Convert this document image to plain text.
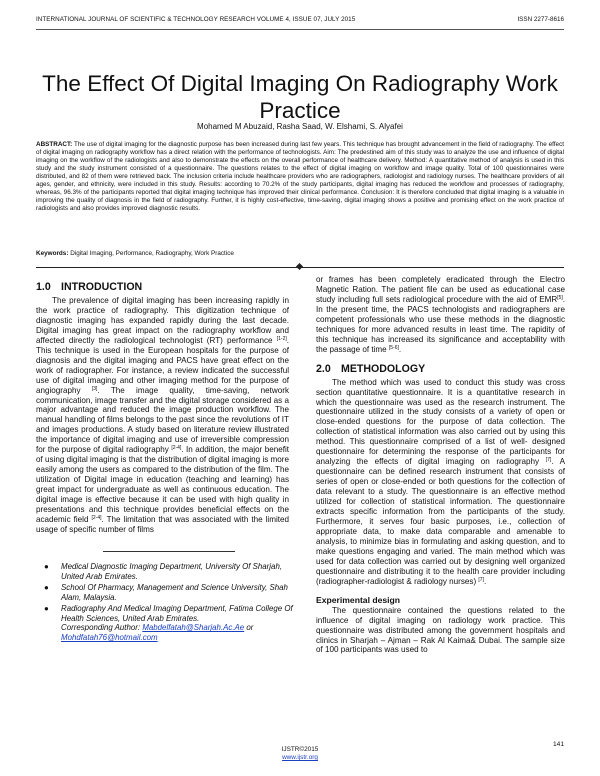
INTERNATIONAL JOURNAL OF SCIENTIFIC & TECHNOLOGY RESEARCH VOLUME 4, ISSUE 07, JULY 2015	ISSN 2277-8616
The Effect Of Digital Imaging On Radiography Work Practice
Mohamed M Abuzaid, Rasha Saad, W. Elshami, S. Alyafei
ABSTRACT: The use of digital imaging for the diagnostic purpose has been increased during last few years. This technique has brought advancement in the field of radiography. The effect of digital imaging on radiography workflow has a direct relation with the performance of technologists. Aim: The predestined aim of this study was to analyze the use and influence of digital imaging on the workflow of the radiologists and also to demonstrate the effects on the overall performance of healthcare delivery. Method: A quantitative method of analysis is used in this study and the study instrument consisted of a questionnaire. The questions relates to the effect of digital imaging on workflow and image quality. Total of 100 questionnaires were distributed, and 82 of them were retrieved back. The inclusion criteria include healthcare providers who are radiographers, radiologist and radiology nurses. The healthcare providers of all ages, gender, and ethnicity, were included in this study. Results: according to 70.2% of the study participants, digital imaging has reduced the workflow and processes of radiography, whereas, 96.3% of the participants reported that digital imaging technique has improved their clinical performance. Conclusion: It is therefore concluded that digital imaging is a valuable in improving the quality of diagnosis in the field of radiography. Further, it is highly cost-effective, time-saving, digital imaging shows a positive and promising effect on the work practice of radiologists and also provides improved diagnostic results.
Keywords: Digital Imaging, Performance, Radiography, Work Practice
1.0 INTRODUCTION

The prevalence of digital imaging has been increasing rapidly in the work practice of radiography. This digitization technique of diagnostic imaging has expanded rapidly during the last decade. Digital imaging has great impact on the radiography workflow and affected directly the radiological technologist (RT) performance [1-2]. This technique is used in the European hospitals for the purpose of diagnosis and the digital imaging and PACS have great effect on the work of radiographer. For instance, a review indicated the successful use of digital imaging and other imaging method for the purpose of angiography [3]. The image quality, time-saving, network communication, image transfer and the digital storage considered as a major advantage and reduced the image production workflow. The manual handling of films belongs to the past since the revolutions of IT and images productions. A study based on literature review illustrated the importance of digital imaging and use of irreversible compression for the purpose of digital radiography [2-4]. In addition, the major benefit of using digital imaging is that the distribution of digital imaging is more easily among the users as compared to the distribution of the film. The utilization of Digital image in education (teaching and learning) has great impact for undergraduate as well as continuous education. The digital image is effective because it can be used with high quality in presentations and this technique provides beneficial effects on the academic field [2-4]. The limitation that was associated with the limited usage of specific number of films

● Medical Diagnostic Imaging Department, University Of Sharjah, United Arab Emirates.
● School Of Pharmacy, Management and Science University, Shah Alam, Malaysia.
● Radiography And Medical Imaging Department, Fatima College Of Health Sciences, United Arab Emirates.
Corresponding Author: Mabdelfatah@Sharjah.Ac.Ae or Mohdfatah76@hotmail.com

or frames has been completely eradicated through the Electro Magnetic Ration. The patient file can be used as educational case study including full sets radiological procedure with the aid of EMR[5]. In the present time, the PACS technologists and radiographers are competent professionals who use these methods in the diagnostic techniques for more advanced results in least time. The rapidity of this technique has increased its significance and acceptability with the passage of time [5-6].

2.0 METHODOLOGY

The method which was used to conduct this study was cross section quantitative questionnaire. It is a quantitative research in which the questionnaire was used as the research instrument. The questionnaire utilized in the study consists of a variety of open or close-ended questions for the purpose of data collection. The collection of statistical information was also carried out by using this method. This questionnaire comprised of a list of well- designed questionnaire for determining the response of the participants for analyzing the effects of digital imaging on radiography [7]. A questionnaire can be defined research instrument that consists of series of open or close-ended or both questions for the collection of data relevant to a study. The questionnaire is an effective method utilized for collection of statistical information. The questionnaire extracts specific information from the participants of the study. Furthermore, it serves four basic purposes, i.e., collection of appropriate data, to make data comparable and amenable to analysis, to minimize bias in formulating and asking question, and to make questions engaging and varied. The main method which was used for data collection was carried out by designing well organized questionnaire and distributing it to the health care provider including (radiographer-radiologist & radiology nurses) [7].

Experimental design

The questionnaire contained the questions related to the influence of digital imaging on radiology work practice. This questionnaire was distributed among the government hospitals and clinics in Sharjah – Ajman – Rak Al Kaima& Dubai. The sample size of 100 participants was used to

IJSTR©2015
www.ijstr.org
141
